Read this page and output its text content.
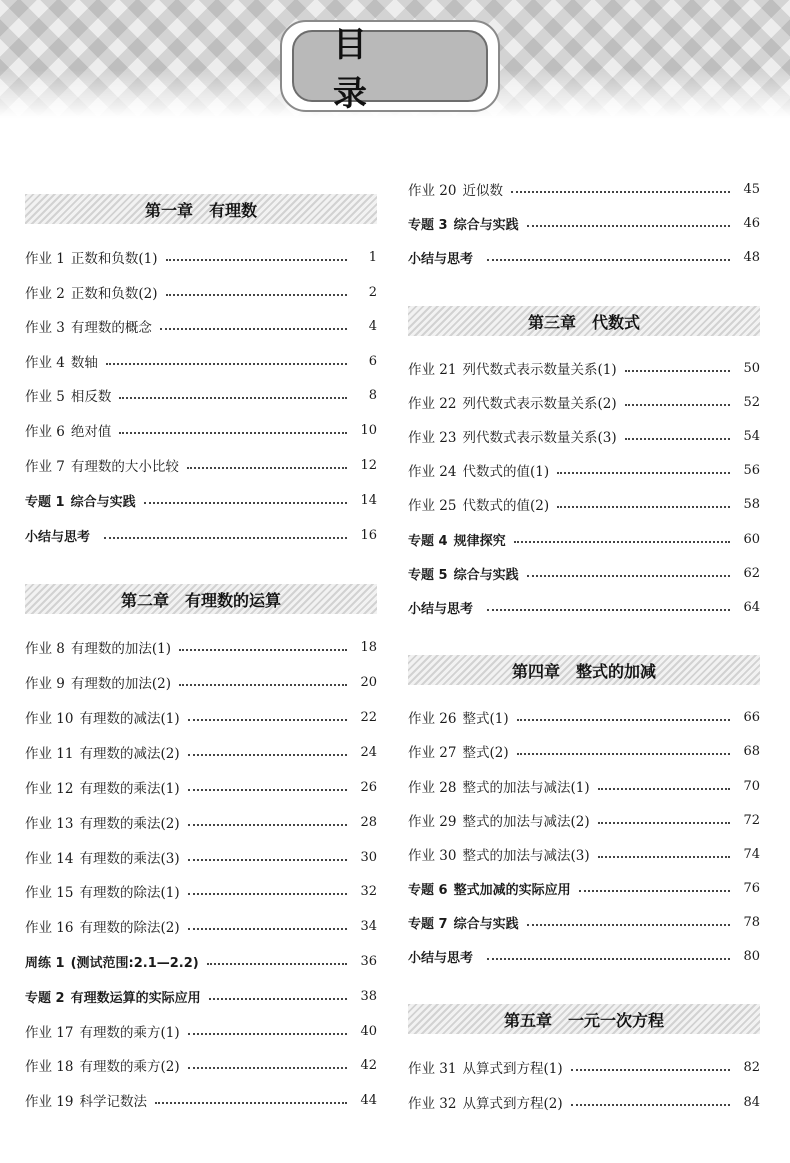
目　录
第一章　有理数
第二章　有理数的运算
作业 1 正数和负数(1)	1
作业 2 正数和负数(2)	2
作业 3 有理数的概念	4
作业 4 数轴	6
作业 5 相反数	8
作业 6 绝对值	10
作业 7 有理数的大小比较	12
专题 1 综合与实践	14
小结与思考	16
作业 8 有理数的加法(1)	18
作业 9 有理数的加法(2)	20
作业 10 有理数的减法(1)	22
作业 11 有理数的减法(2)	24
作业 12 有理数的乘法(1)	26
作业 13 有理数的乘法(2)	28
作业 14 有理数的乘法(3)	30
作业 15 有理数的除法(1)	32
作业 16 有理数的除法(2)	34
周练 1 (测试范围:2.1—2.2)	36
专题 2 有理数运算的实际应用	38
作业 17 有理数的乘方(1)	40
作业 18 有理数的乘方(2)	42
作业 19 科学记数法	44
作业 20 近似数	45
专题 3 综合与实践	46
小结与思考	48
第三章　代数式
作业 21 列代数式表示数量关系(1)	50
作业 22 列代数式表示数量关系(2)	52
作业 23 列代数式表示数量关系(3)	54
作业 24 代数式的值(1)	56
作业 25 代数式的值(2)	58
专题 4 规律探究	60
专题 5 综合与实践	62
小结与思考	64
第四章　整式的加减
作业 26 整式(1)	66
作业 27 整式(2)	68
作业 28 整式的加法与减法(1)	70
作业 29 整式的加法与减法(2)	72
作业 30 整式的加法与减法(3)	74
专题 6 整式加减的实际应用	76
专题 7 综合与实践	78
小结与思考	80
第五章　一元一次方程
作业 31 从算式到方程(1)	82
作业 32 从算式到方程(2)	84
